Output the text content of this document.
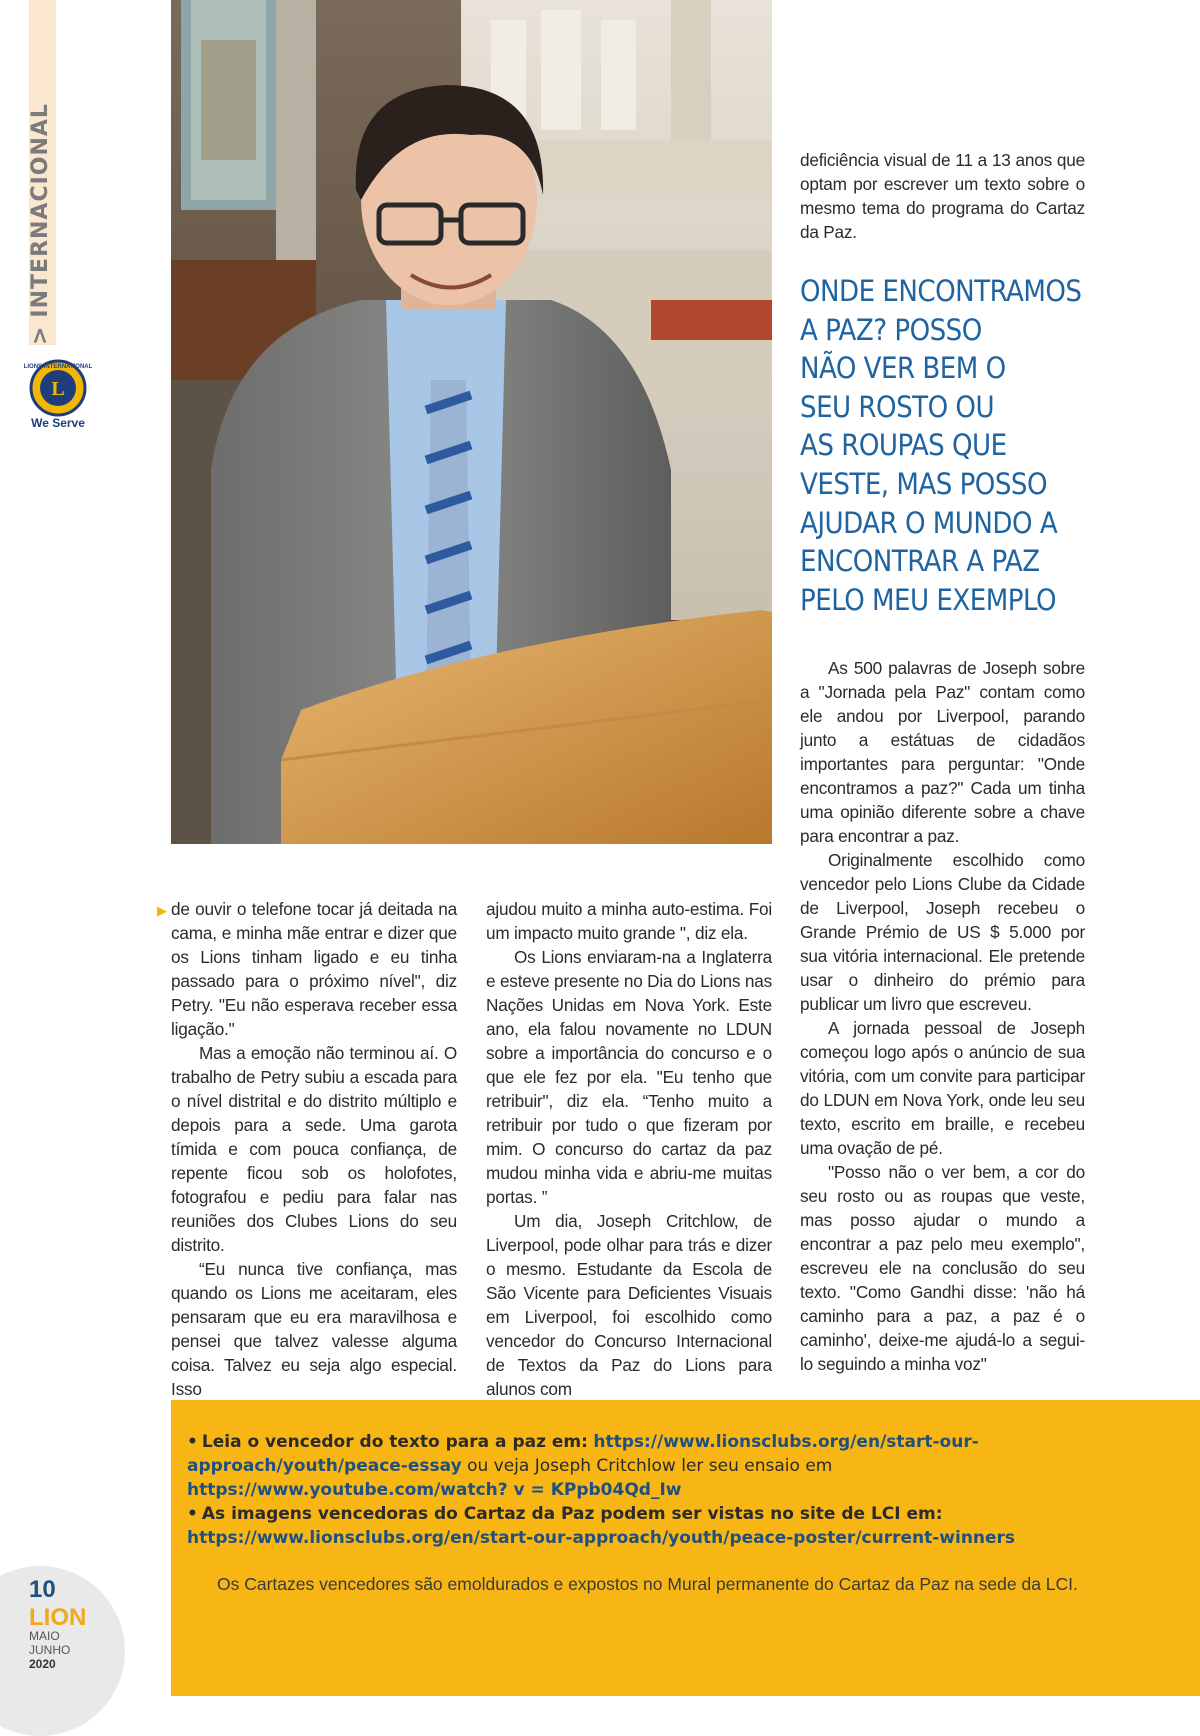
>INTERNACIONAL
L
LIONS INTERNATIONAL
We Serve

deficiência visual de 11 a 13 anos que optam por escrever um texto sobre o mesmo tema do programa do Cartaz da Paz.

ONDE ENCONTRAMOS
A PAZ? POSSO
NÃO VER BEM O
SEU ROSTO OU
AS ROUPAS QUE
VESTE, MAS POSSO
AJUDAR O MUNDO A
ENCONTRAR A PAZ
PELO MEU EXEMPLO

As 500 palavras de Joseph sobre a "Jornada pela Paz" contam como ele andou por Liverpool, parando junto a estátuas de cidadãos importantes para perguntar: "Onde encontramos a paz?" Cada um tinha uma opinião diferente sobre a chave para encontrar a paz.

Originalmente escolhido como vencedor pelo Lions Clube da Cidade de Liverpool, Joseph recebeu o Grande Prémio de US $ 5.000 por sua vitória internacional. Ele pretende usar o dinheiro do prémio para publicar um livro que escreveu.

A jornada pessoal de Joseph começou logo após o anúncio de sua vitória, com um convite para participar do LDUN em Nova York, onde leu seu texto, escrito em braille, e recebeu uma ovação de pé.

"Posso não o ver bem, a cor do seu rosto ou as roupas que veste, mas posso ajudar o mundo a encontrar a paz pelo meu exemplo", escreveu ele na conclusão do seu texto. "Como Gandhi disse: 'não há caminho para a paz, a paz é o caminho', deixe-me ajudá-lo a segui-lo seguindo a minha voz"

▶ de ouvir o telefone tocar já deitada na cama, e minha mãe entrar e dizer que os Lions tinham ligado e eu tinha passado para o próximo nível", diz Petry. "Eu não esperava receber essa ligação."

Mas a emoção não terminou aí. O trabalho de Petry subiu a escada para o nível distrital e do distrito múltiplo e depois para a sede. Uma garota tímida e com pouca confiança, de repente ficou sob os holofotes, fotografou e pediu para falar nas reuniões dos Clubes Lions do seu distrito.

“Eu nunca tive confiança, mas quando os Lions me aceitaram, eles pensaram que eu era maravilhosa e pensei que talvez valesse alguma coisa. Talvez eu seja algo especial. Isso

ajudou muito a minha auto-estima. Foi um impacto muito grande ", diz ela.

Os Lions enviaram-na a Inglaterra e esteve presente no Dia do Lions nas Nações Unidas em Nova York. Este ano, ela falou novamente no LDUN sobre a importância do concurso e o que ele fez por ela. "Eu tenho que retribuir", diz ela. “Tenho muito a retribuir por tudo o que fizeram por mim. O concurso do cartaz da paz mudou minha vida e abriu-me muitas portas. ”

Um dia, Joseph Critchlow, de Liverpool, pode olhar para trás e dizer o mesmo. Estudante da Escola de São Vicente para Deficientes Visuais em Liverpool, foi escolhido como vencedor do Concurso Internacional de Textos da Paz do Lions para alunos com

• Leia o vencedor do texto para a paz em: https://www.lionsclubs.org/en/start-our-approach/youth/peace-essay ou veja Joseph Critchlow ler seu ensaio em https://www.youtube.com/watch? v = KPpb04Qd_Iw
• As imagens vencedoras do Cartaz da Paz podem ser vistas no site de LCI em: https://www.lionsclubs.org/en/start-our-approach/youth/peace-poster/current-winners
Os Cartazes vencedores são emoldurados e expostos no Mural permanente do Cartaz da Paz na sede da LCI.
10
LION
MAIO
JUNHO
2020
